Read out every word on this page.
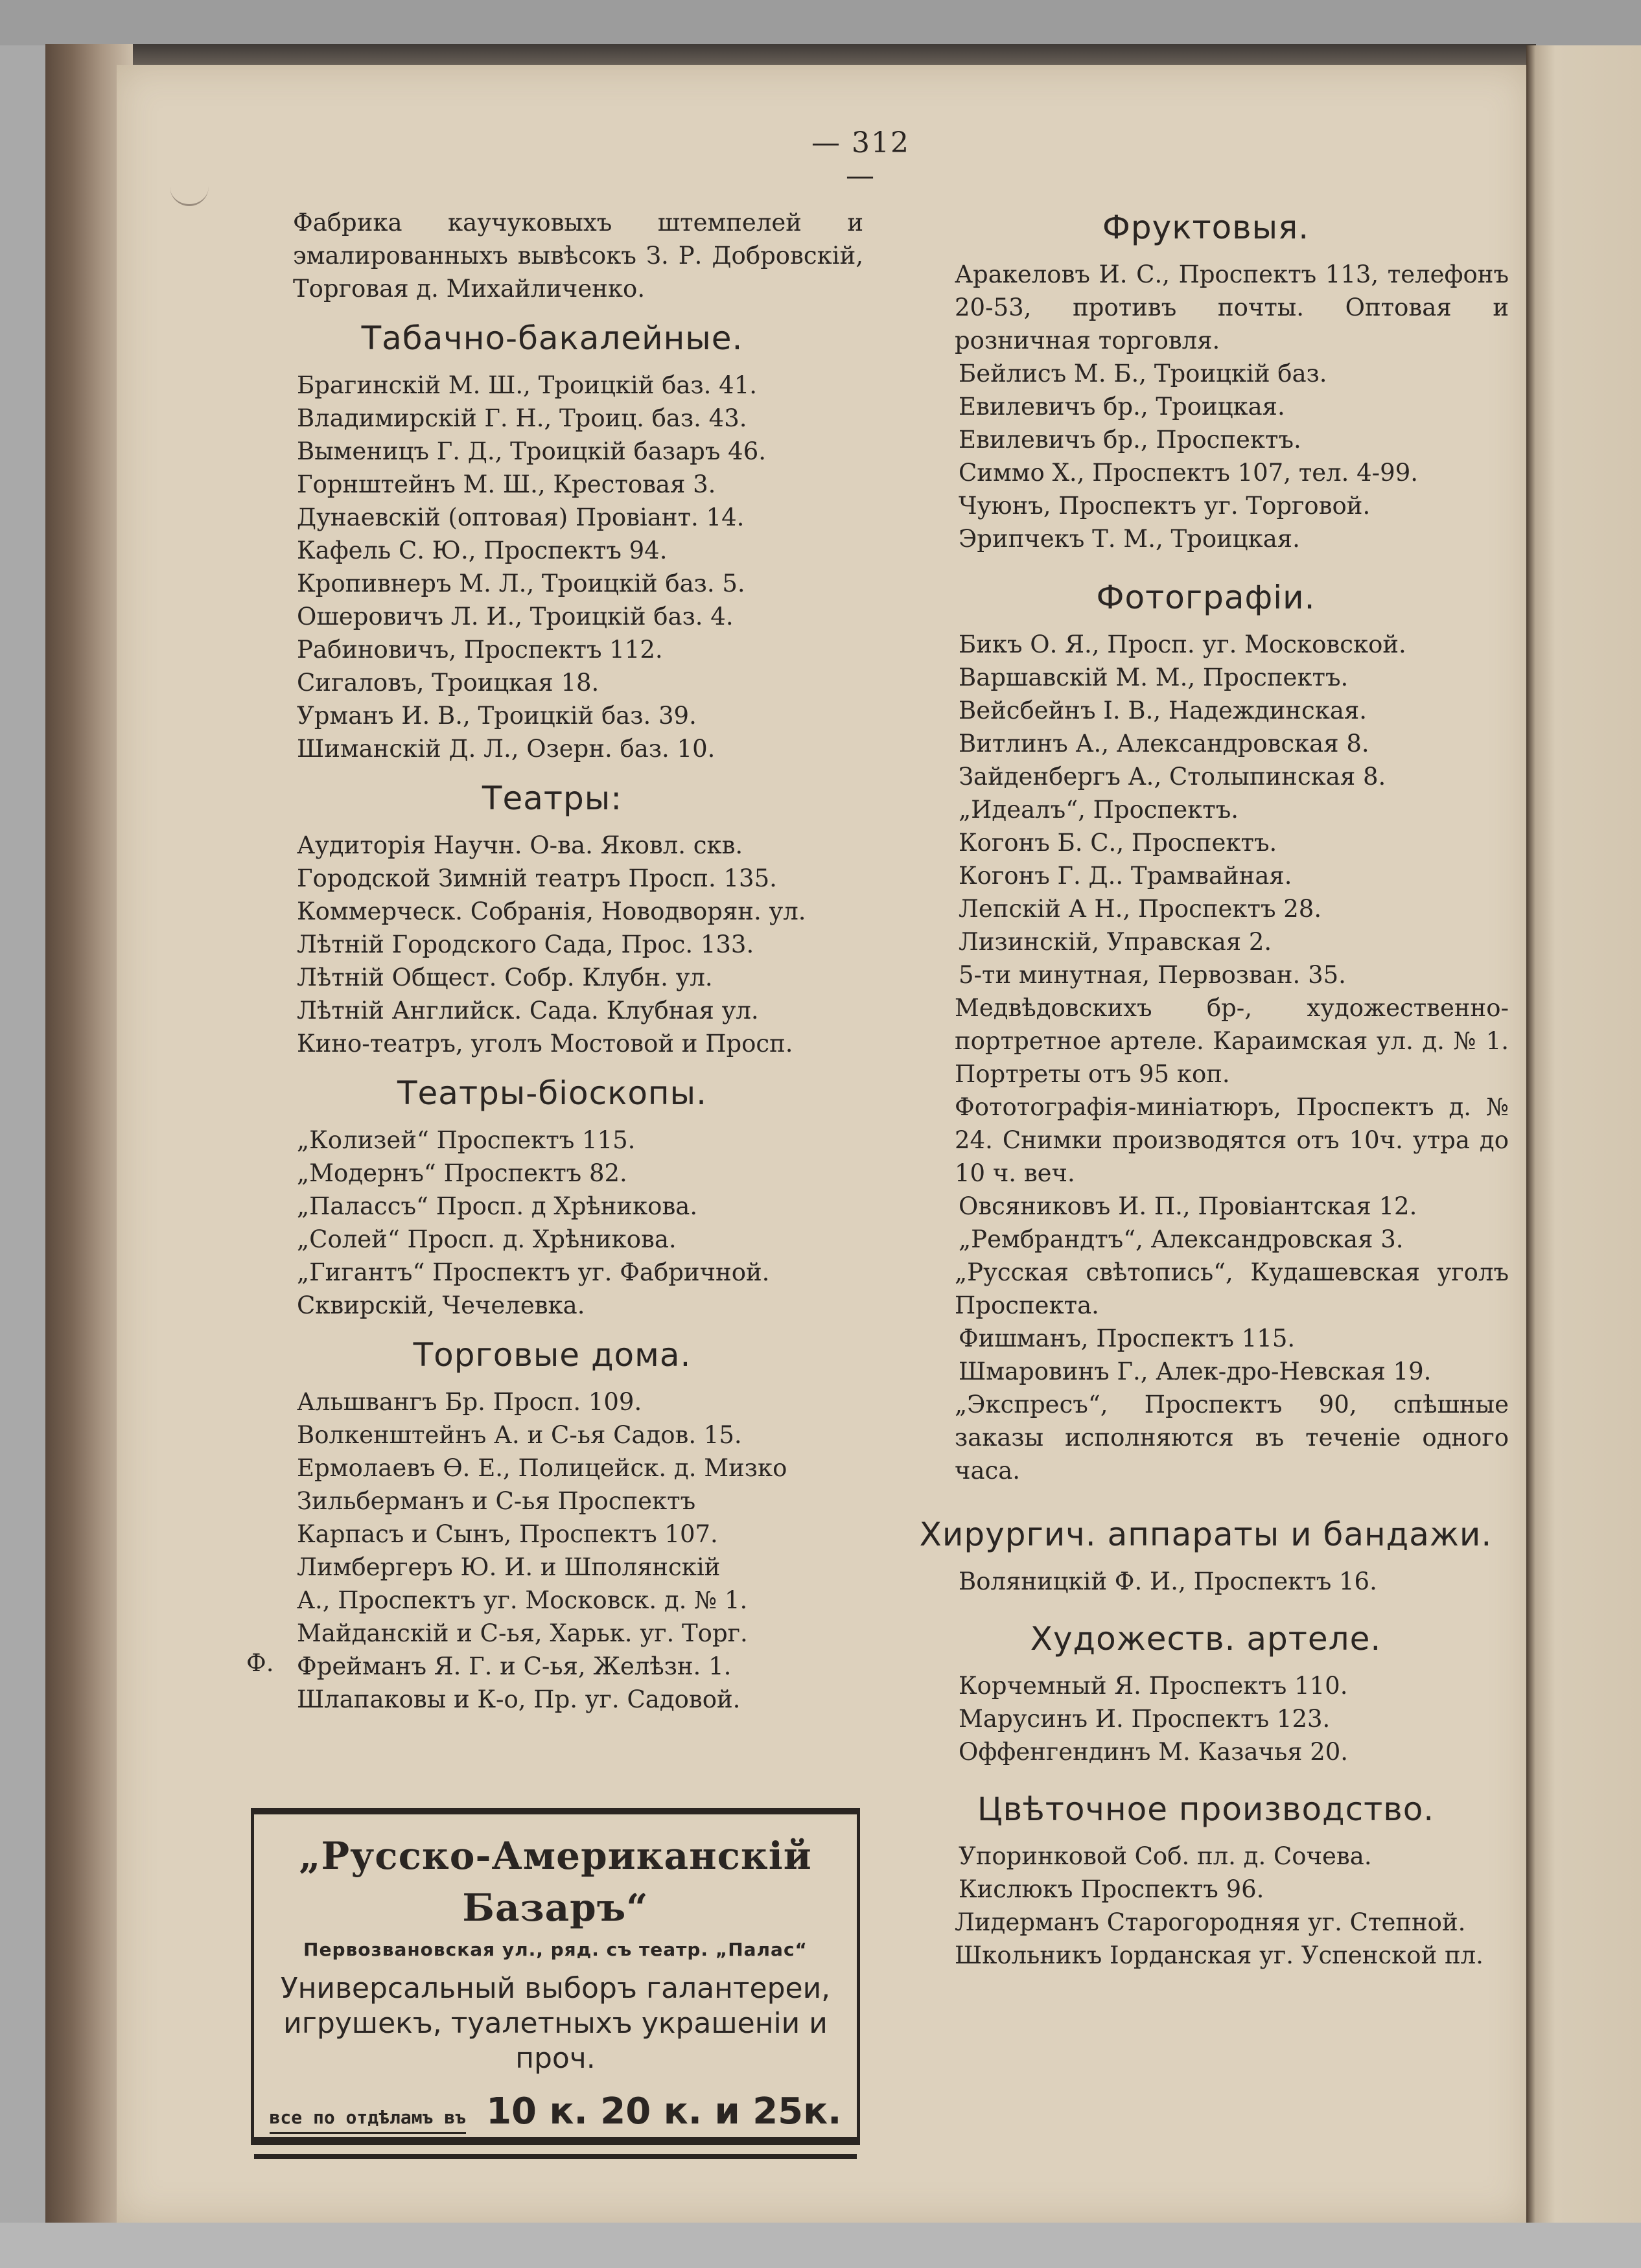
— 312 —

Фабрика каучуковыхъ штемпелей и эмалированныхъ вывѣсокъ З. Р. Добровскій, Торговая д. Михайличенко.

Табачно-бакалейные.

Брагинскій М. Ш., Троицкій баз. 41.

Владимирскій Г. Н., Троиц. баз. 43.

Выменицъ Г. Д., Троицкій базаръ 46.

Горнштейнъ М. Ш., Крестовая 3.

Дунаевскій (оптовая) Провіант. 14.

Кафель С. Ю., Проспектъ 94.

Кропивнеръ М. Л., Троицкій баз. 5.

Ошеровичъ Л. И., Троицкій баз. 4.

Рабиновичъ, Проспектъ 112.

Сигаловъ, Троицкая 18.

Урманъ И. В., Троицкій баз. 39.

Шиманскій Д. Л., Озерн. баз. 10.

Театры:

Аудиторія Научн. О-ва. Яковл. скв.

Городской Зимній театръ Просп. 135.

Коммерческ. Собранія, Новодворян. ул.

Лѣтній Городского Сада, Прос. 133.

Лѣтній Общест. Собр. Клубн. ул.

Лѣтній Английск. Сада. Клубная ул.

Кино-театръ, уголъ Мостовой и Просп.

Театры-біоскопы.

„Колизей“ Проспектъ 115.

„Модернъ“ Проспектъ 82.

„Палассъ“ Просп. д Хрѣникова.

„Солей“ Просп. д. Хрѣникова.

„Гигантъ“ Проспектъ уг. Фабричной.

Сквирскій, Чечелевка.

Торговые дома.

Альшвангъ Бр. Просп. 109.

Волкенштейнъ А. и С-ья Садов. 15.

Ермолаевъ Ѳ. Е., Полицейск. д. Мизко

Зильберманъ и С-ья Проспектъ

Карпасъ и Сынъ, Проспектъ 107.

Лимбергеръ Ю. И. и Шполянскій

А., Проспектъ уг. Московск. д. № 1.

Майданскій и С-ья, Харьк. уг. Торг.

Фрейманъ Я. Г. и С-ья, Желѣзн. 1.

Шлапаковы и К-о, Пр. уг. Садовой.

Ф.
„Русско-Американскій Базаръ“
Первозвановская ул., ряд. съ театр. „Палас“
Универсальный выборъ галантереи, игрушекъ, туалетныхъ украшеніи и проч.
все по отдѣламъ въ 10 к. 20 к. и 25к.
Фруктовыя.

Аракеловъ И. С., Проспектъ 113, телефонъ 20-53, противъ почты. Оптовая и розничная торговля.

Бейлисъ М. Б., Троицкій баз.

Евилевичъ бр., Троицкая.

Евилевичъ бр., Проспектъ.

Симмо Х., Проспектъ 107, тел. 4-99.

Чуюнъ, Проспектъ уг. Торговой.

Эрипчекъ Т. М., Троицкая.

Фотографіи.

Бикъ О. Я., Просп. уг. Московской.

Варшавскій М. М., Проспектъ.

Вейсбейнъ І. В., Надеждинская.

Витлинъ А., Александровская 8.

Зайденбергъ А., Столыпинская 8.

„Идеалъ“, Проспектъ.

Когонъ Б. С., Проспектъ.

Когонъ Г. Д.. Трамвайная.

Лепскій А Н., Проспектъ 28.

Лизинскій, Управская 2.

5-ти минутная, Первозван. 35.

Медвѣдовскихъ бр-, художественно-портретное артеле. Караимская ул. д. № 1. Портреты отъ 95 коп.

Фототографія-миніатюръ, Проспектъ д. № 24. Снимки производятся отъ 10ч. утра до 10 ч. веч.

Овсяниковъ И. П., Провіантская 12.

„Рембрандтъ“, Александровская 3.

„Русская свѣтопись“, Кудашевская уголъ Проспекта.

Фишманъ, Проспектъ 115.

Шмаровинъ Г., Алек-дро-Невская 19.

„Экспресъ“, Проспектъ 90, спѣшные заказы исполняются въ теченіе одного часа.

Хирургич. аппараты и бандажи.

Воляницкій Ф. И., Проспектъ 16.

Художеств. артеле.

Корчемный Я. Проспектъ 110.

Марусинъ И. Проспектъ 123.

Оффенгендинъ М. Казачья 20.

Цвѣточное производство.

Упоринковой Соб. пл. д. Сочева.

Кислюкъ Проспектъ 96.

Лидерманъ Старогородняя уг. Степной.

Школьникъ Іорданская уг. Успенской пл.
